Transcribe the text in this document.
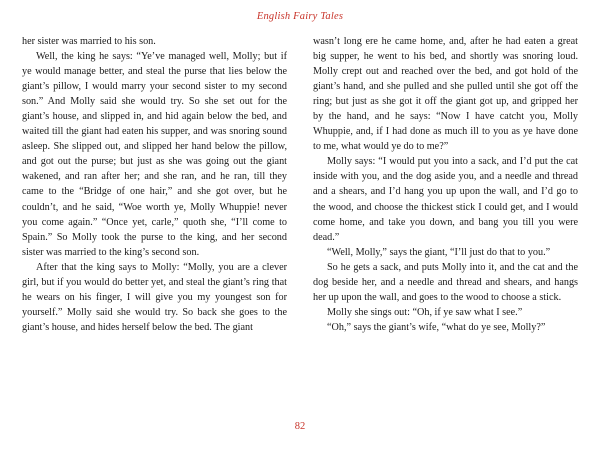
English Fairy Tales

her sister was married to his son.

Well, the king he says: “Ye’ve managed well, Molly; but if ye would manage better, and steal the purse that lies below the giant’s pillow, I would marry your second sister to my second son.” And Molly said she would try. So she set out for the giant’s house, and slipped in, and hid again below the bed, and waited till the giant had eaten his supper, and was snoring sound asleep. She slipped out, and slipped her hand below the pillow, and got out the purse; but just as she was going out the giant wakened, and ran after her; and she ran, and he ran, till they came to the “Bridge of one hair,” and she got over, but he couldn’t, and he said, “Woe worth ye, Molly Whuppie! never you come again.” “Once yet, carle,” quoth she, “I’ll come to Spain.” So Molly took the purse to the king, and her second sister was married to the king’s second son.

After that the king says to Molly: “Molly, you are a clever girl, but if you would do better yet, and steal the giant’s ring that he wears on his finger, I will give you my youngest son for yourself.” Molly said she would try. So back she goes to the giant’s house, and hides herself below the bed. The giant

wasn’t long ere he came home, and, after he had eaten a great big supper, he went to his bed, and shortly was snoring loud. Molly crept out and reached over the bed, and got hold of the giant’s hand, and she pulled and she pulled until she got off the ring; but just as she got it off the giant got up, and gripped her by the hand, and he says: “Now I have catcht you, Molly Whuppie, and, if I had done as much ill to you as ye have done to me, what would ye do to me?”

Molly says: “I would put you into a sack, and I’d put the cat inside with you, and the dog aside you, and a needle and thread and a shears, and I’d hang you up upon the wall, and I’d go to the wood, and choose the thickest stick I could get, and I would come home, and take you down, and bang you till you were dead.”

“Well, Molly,” says the giant, “I’ll just do that to you.”

So he gets a sack, and puts Molly into it, and the cat and the dog beside her, and a needle and thread and shears, and hangs her up upon the wall, and goes to the wood to choose a stick.

Molly she sings out: “Oh, if ye saw what I see.”

“Oh,” says the giant’s wife, “what do ye see, Molly?”

82
